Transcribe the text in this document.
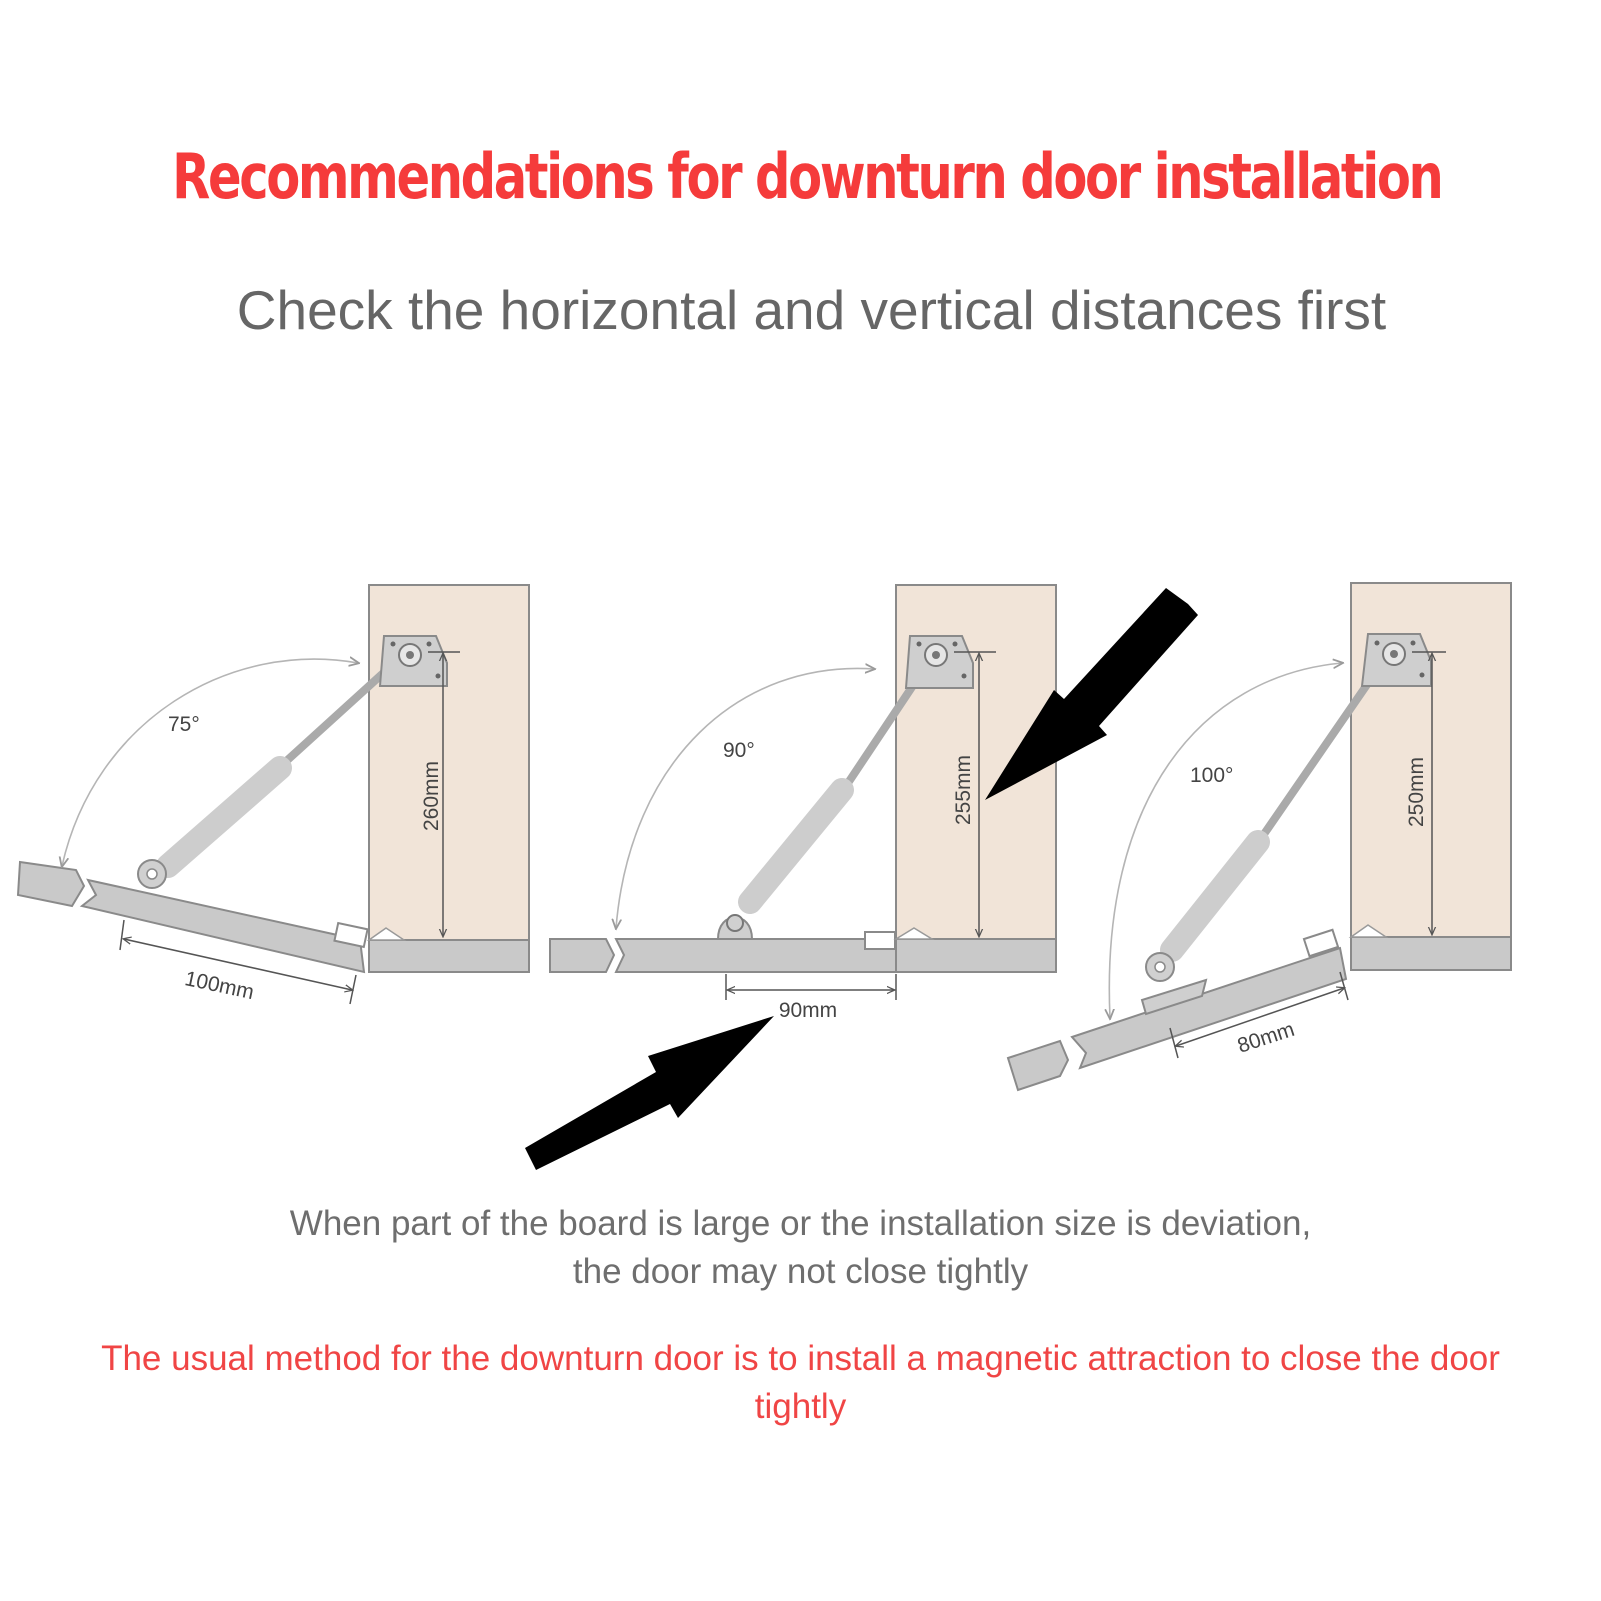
Recommendations for downturn door installation
Check the horizontal and vertical distances first
260mm
75°
100mm
255mm
90°
90mm
250mm
100°
80mm
When part of the board is large or the installation size is deviation,
the door may not close tightly
The usual method for the downturn door is to install a magnetic attraction to close the door
tightly
